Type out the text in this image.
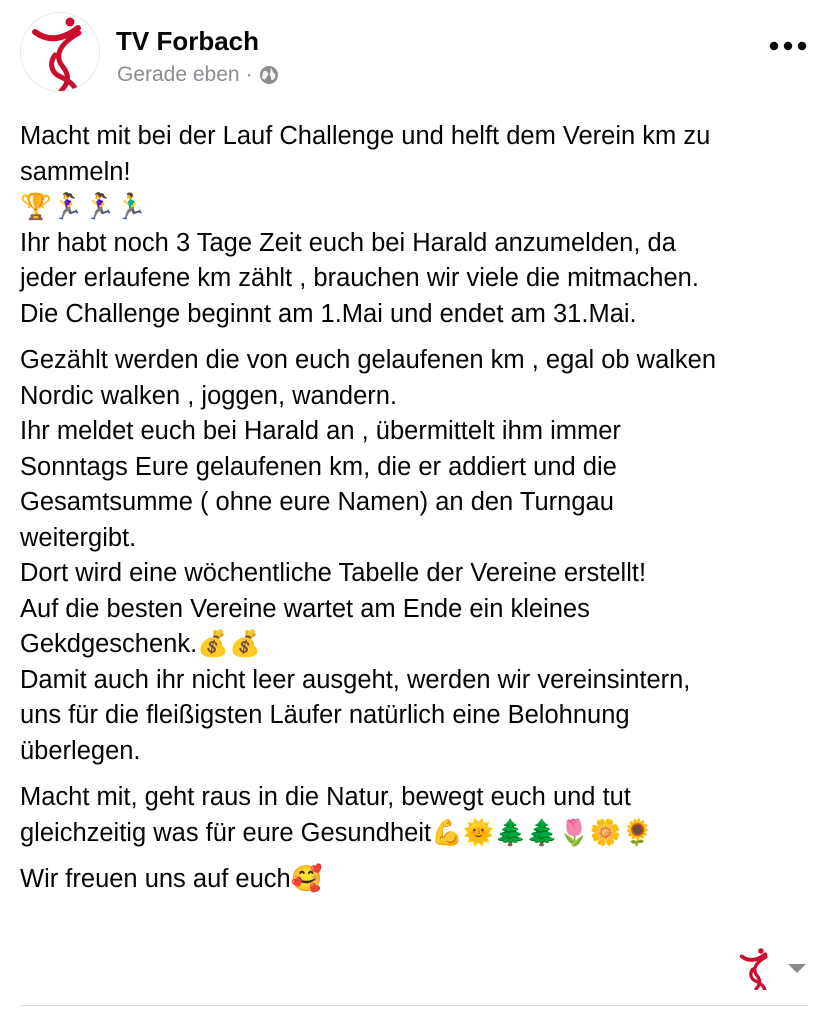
TV Forbach
Gerade eben ·

Macht mit bei der Lauf Challenge und helft dem Verein km zu
sammeln!
🏆🏃‍♀️🏃‍♀️🏃‍♂️
Ihr habt noch 3 Tage Zeit euch bei Harald anzumelden, da
jeder erlaufene km zählt , brauchen wir viele die mitmachen.
Die Challenge beginnt am 1.Mai und endet am 31.Mai.

Gezählt werden die von euch gelaufenen km , egal ob walken
Nordic walken , joggen, wandern.
Ihr meldet euch bei Harald an , übermittelt ihm immer
Sonntags Eure gelaufenen km, die er addiert und die
Gesamtsumme ( ohne eure Namen) an den Turngau
weitergibt.
Dort wird eine wöchentliche Tabelle der Vereine erstellt!
Auf die besten Vereine wartet am Ende ein kleines
Gekdgeschenk.💰💰
Damit auch ihr nicht leer ausgeht, werden wir vereinsintern,
uns für die fleißigsten Läufer natürlich eine Belohnung
überlegen.

Macht mit, geht raus in die Natur, bewegt euch und tut
gleichzeitig was für eure Gesundheit💪🌞🌲🌲🌷🌼🌻

Wir freuen uns auf euch🥰
